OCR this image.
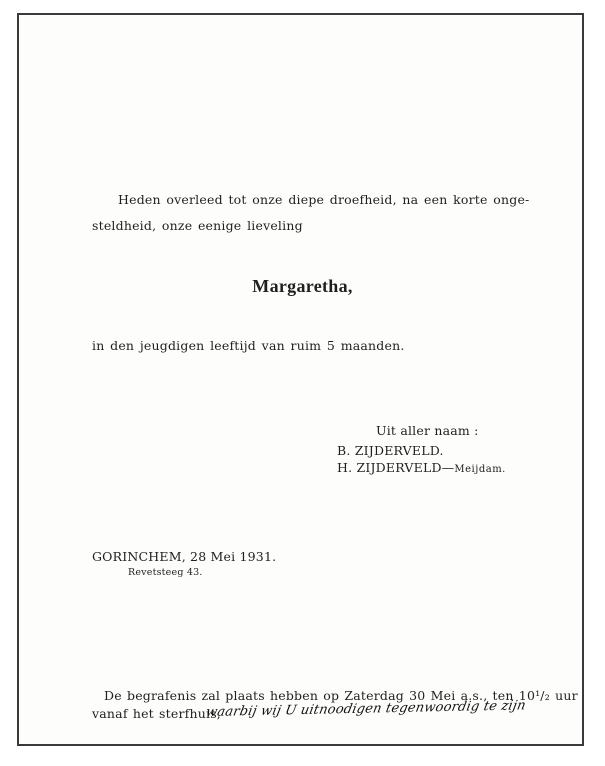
Heden overleed tot onze diepe droefheid, na een korte onge-
steldheid, onze eenige lieveling
Margaretha,
in den jeugdigen leeftijd van ruim 5 maanden.
Uit aller naam :
B. ZIJDERVELD.
H. ZIJDERVELD—Meijdam.
GORINCHEM, 28 Mei 1931.
Revetsteeg 43.
De begrafenis zal plaats hebben op Zaterdag 30 Mei a.s., ten 10¹/₂ uur
vanaf het sterfhuis,
waarbij wij U uitnoodigen tegenwoordig te zijn
